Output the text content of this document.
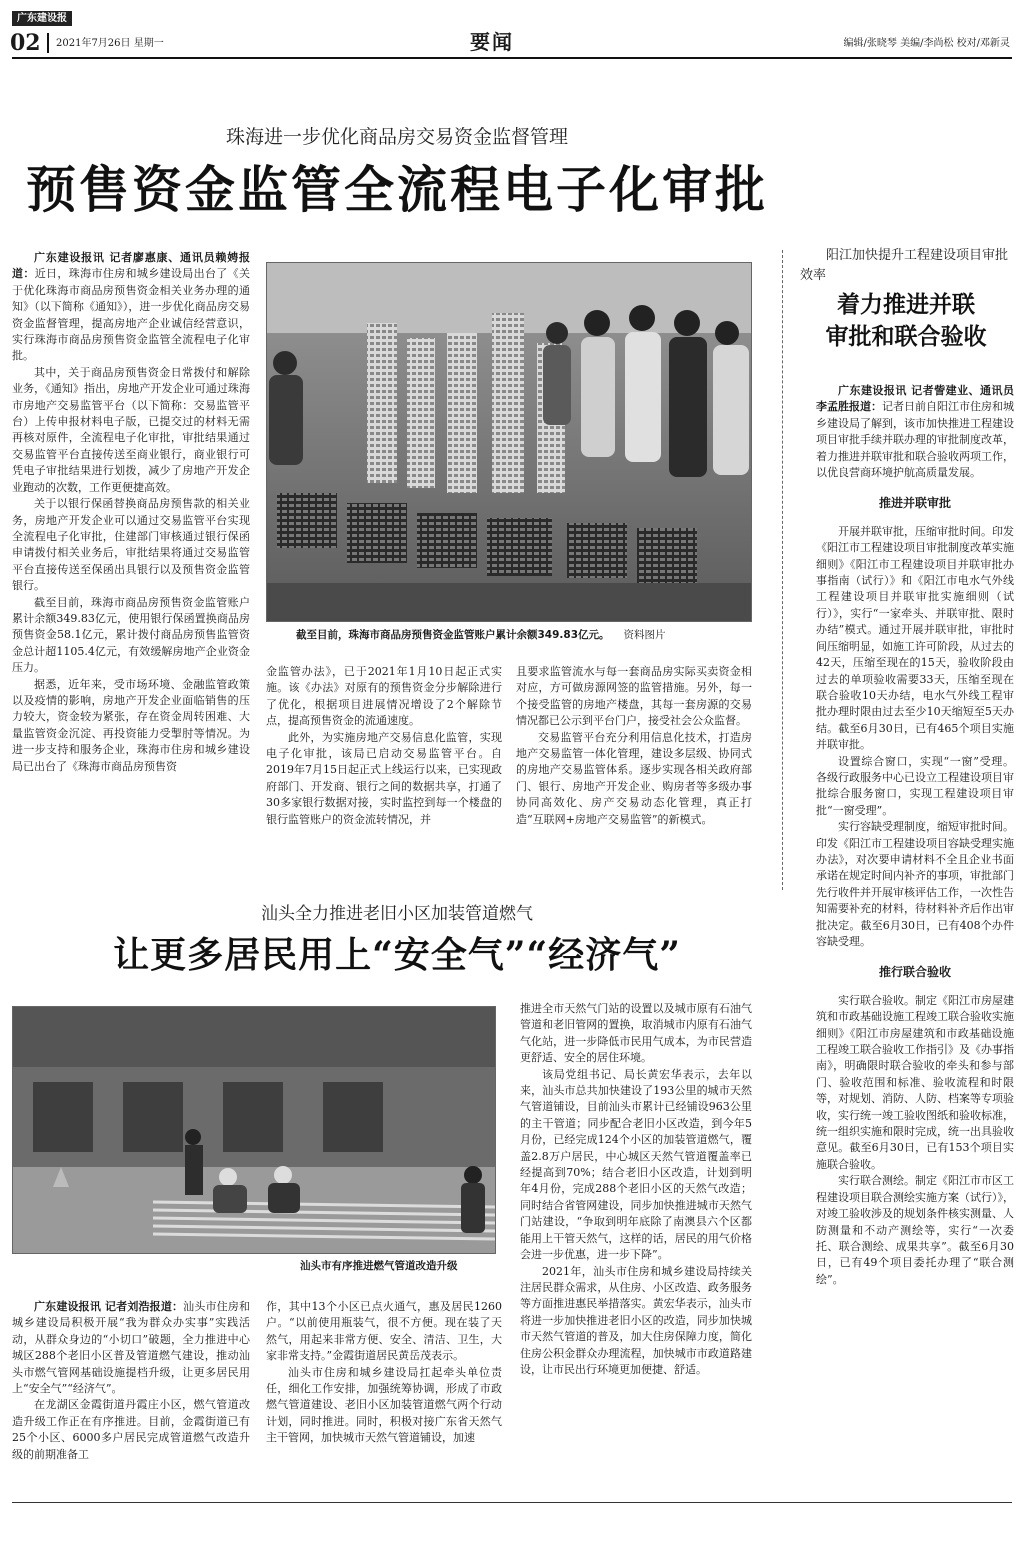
广东建设报
02 2021年7月26日 星期一	要闻	编辑/张晓琴 美编/李尚松 校对/邓新灵
珠海进一步优化商品房交易资金监督管理
预售资金监管全流程电子化审批

广东建设报讯 记者廖惠康、通讯员赖娉报道：近日，珠海市住房和城乡建设局出台了《关于优化珠海市商品房预售资金相关业务办理的通知》（以下简称《通知》），进一步优化商品房交易资金监督管理，提高房地产企业诚信经营意识，实行珠海市商品房预售资金监管全流程电子化审批。

其中，关于商品房预售资金日常拨付和解除业务，《通知》指出，房地产开发企业可通过珠海市房地产交易监管平台（以下简称：交易监管平台）上传申报材料电子版，已提交过的材料无需再核对原件，全流程电子化审批，审批结果通过交易监管平台直接传送至商业银行，商业银行可凭电子审批结果进行划拨，减少了房地产开发企业跑动的次数，工作更便捷高效。

关于以银行保函替换商品房预售款的相关业务，房地产开发企业可以通过交易监管平台实现全流程电子化审批，住建部门审核通过银行保函申请拨付相关业务后，审批结果将通过交易监管平台直接传送至保函出具银行以及预售资金监管银行。

截至目前，珠海市商品房预售资金监管账户累计余额349.83亿元，使用银行保函置换商品房预售资金58.1亿元，累计拨付商品房预售监管资金总计超1105.4亿元，有效缓解房地产企业资金压力。

据悉，近年来，受市场环境、金融监管政策以及疫情的影响，房地产开发企业面临销售的压力较大，资金较为紧张，存在资金周转困难、大量监管资金沉淀、再投资能力受掣肘等情况。为进一步支持和服务企业，珠海市住房和城乡建设局已出台了《珠海市商品房预售资

截至目前，珠海市商品房预售资金监管账户累计余额349.83亿元。 资料图片

金监管办法》，已于2021年1月10日起正式实施。该《办法》对原有的预售资金分步解除进行了优化，根据项目进展情况增设了2个解除节点，提高预售资金的流通速度。

此外，为实施房地产交易信息化监管，实现电子化审批，该局已启动交易监管平台。自2019年7月15日起正式上线运行以来，已实现政府部门、开发商、银行之间的数据共享，打通了30多家银行数据对接，实时监控到每一个楼盘的银行监管账户的资金流转情况，并

且要求监管流水与每一套商品房实际买卖资金相对应，方可做房源网签的监管措施。另外，每一个接受监管的房地产楼盘，其每一套房源的交易情况都已公示到平台门户，接受社会公众监督。

交易监管平台充分利用信息化技术，打造房地产交易监管一体化管理，建设多层级、协同式的房地产交易监管体系。逐步实现各相关政府部门、银行、房地产开发企业、购房者等多级办事协同高效化、房产交易动态化管理，真正打造“互联网+房地产交易监管”的新模式。

阳江加快提升工程建设项目审批效率
着力推进并联
审批和联合验收

广东建设报讯 记者訾建业、通讯员李孟胜报道：记者日前自阳江市住房和城乡建设局了解到，该市加快推进工程建设项目审批手续并联办理的审批制度改革，着力推进并联审批和联合验收两项工作，以优良营商环境护航高质量发展。

推进并联审批

开展并联审批，压缩审批时间。印发《阳江市工程建设项目审批制度改革实施细则》《阳江市工程建设项目并联审批办事指南（试行）》和《阳江市电水气外线工程建设项目并联审批实施细则（试行）》，实行“一家牵头、并联审批、限时办结”模式。通过开展并联审批，审批时间压缩明显，如施工许可阶段，从过去的42天，压缩至现在的15天，验收阶段由过去的单项验收需要33天，压缩至现在联合验收10天办结，电水气外线工程审批办理时限由过去至少10天缩短至5天办结。截至6月30日，已有465个项目实施并联审批。

设置综合窗口，实现“一窗”受理。各级行政服务中心已设立工程建设项目审批综合服务窗口，实现工程建设项目审批“一窗受理”。

实行容缺受理制度，缩短审批时间。印发《阳江市工程建设项目容缺受理实施办法》，对次要申请材料不全且企业书面承诺在规定时间内补齐的事项，审批部门先行收件并开展审核评估工作，一次性告知需要补充的材料，待材料补齐后作出审批决定。截至6月30日，已有408个办件容缺受理。

推行联合验收

实行联合验收。制定《阳江市房屋建筑和市政基础设施工程竣工联合验收实施细则》《阳江市房屋建筑和市政基础设施工程竣工联合验收工作指引》及《办事指南》，明确限时联合验收的牵头和参与部门、验收范围和标准、验收流程和时限等，对规划、消防、人防、档案等专项验收，实行统一竣工验收图纸和验收标准，统一组织实施和限时完成，统一出具验收意见。截至6月30日，已有153个项目实施联合验收。

实行联合测绘。制定《阳江市市区工程建设项目联合测绘实施方案（试行）》，对竣工验收涉及的规划条件核实测量、人防测量和不动产测绘等，实行“一次委托、联合测绘、成果共享”。截至6月30日，已有49个项目委托办理了“联合测绘”。

汕头全力推进老旧小区加装管道燃气
让更多居民用上“安全气”“经济气”
汕头市有序推进燃气管道改造升级

推进全市天然气门站的设置以及城市原有石油气管道和老旧管网的置换，取消城市内原有石油气气化站，进一步降低市民用气成本，为市民营造更舒适、安全的居住环境。

该局党组书记、局长黄宏华表示，去年以来，汕头市总共加快建设了193公里的城市天然气管道铺设，目前汕头市累计已经铺设963公里的主干管道；同步配合老旧小区改造，到今年5月份，已经完成124个小区的加装管道燃气，覆盖2.8万户居民，中心城区天然气管道覆盖率已经提高到70%；结合老旧小区改造，计划到明年4月份，完成288个老旧小区的天然气改造；同时结合省管网建设，同步加快推进城市天然气门站建设，“争取到明年底除了南澳县六个区都能用上干管天然气，这样的话，居民的用气价格会进一步优惠，进一步下降”。

2021年，汕头市住房和城乡建设局持续关注居民群众需求，从住房、小区改造、政务服务等方面推进惠民举措落实。黄宏华表示，汕头市将进一步加快推进老旧小区的改造，同步加快城市天然气管道的普及，加大住房保障力度，简化住房公积金群众办理流程，加快城市市政道路建设，让市民出行环境更加便捷、舒适。

广东建设报讯 记者刘浩报道：汕头市住房和城乡建设局积极开展“我为群众办实事”实践活动，从群众身边的“小切口”破题，全力推进中心城区288个老旧小区普及管道燃气建设，推动汕头市燃气管网基础设施提档升级，让更多居民用上“安全气”“经济气”。

在龙湖区金霞街道丹霞庄小区，燃气管道改造升级工作正在有序推进。目前，金霞街道已有25个小区、6000多户居民完成管道燃气改造升级的前期准备工

作，其中13个小区已点火通气，惠及居民1260户。“以前使用瓶装气，很不方便。现在装了天然气，用起来非常方便、安全、清洁、卫生，大家非常支持。”金霞街道居民黄岳茂表示。

汕头市住房和城乡建设局扛起牵头单位责任，细化工作安排，加强统筹协调，形成了市政燃气管道建设、老旧小区加装管道燃气两个行动计划，同时推进。同时，积极对接广东省天然气主干管网，加快城市天然气管道铺设，加速
